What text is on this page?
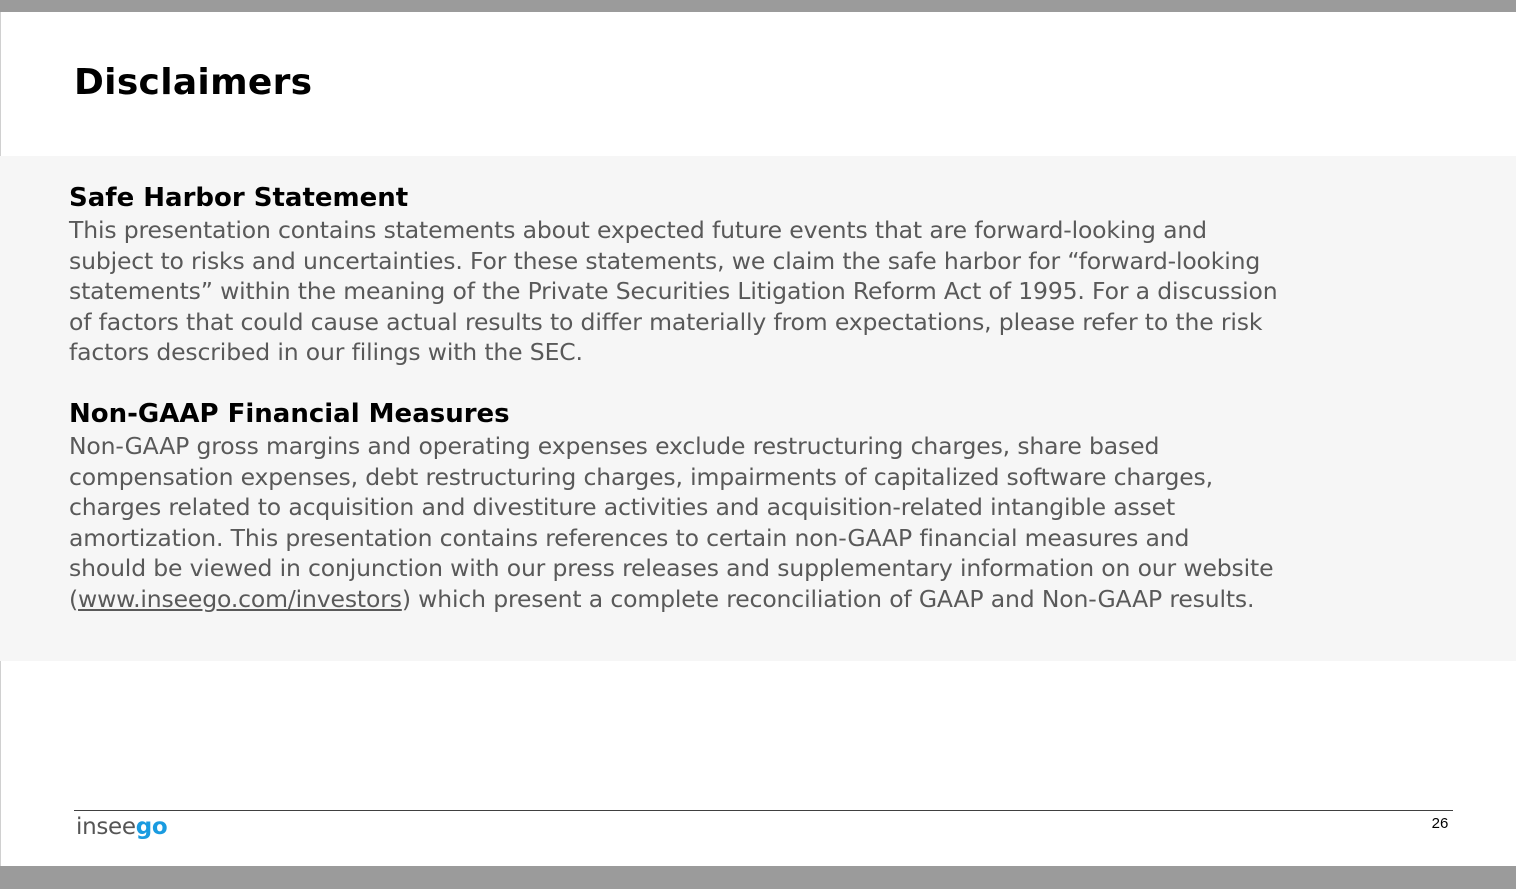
Disclaimers
Safe Harbor Statement

This presentation contains statements about expected future events that are forward-looking and
subject to risks and uncertainties. For these statements, we claim the safe harbor for “forward-looking
statements” within the meaning of the Private Securities Litigation Reform Act of 1995. For a discussion
of factors that could cause actual results to differ materially from expectations, please refer to the risk
factors described in our filings with the SEC.

Non-GAAP Financial Measures

Non-GAAP gross margins and operating expenses exclude restructuring charges, share based
compensation expenses, debt restructuring charges, impairments of capitalized software charges,
charges related to acquisition and divestiture activities and acquisition-related intangible asset
amortization. This presentation contains references to certain non-GAAP financial measures and
should be viewed in conjunction with our press releases and supplementary information on our website
(www.inseego.com/investors) which present a complete reconciliation of GAAP and Non-GAAP results.

inseego	26
